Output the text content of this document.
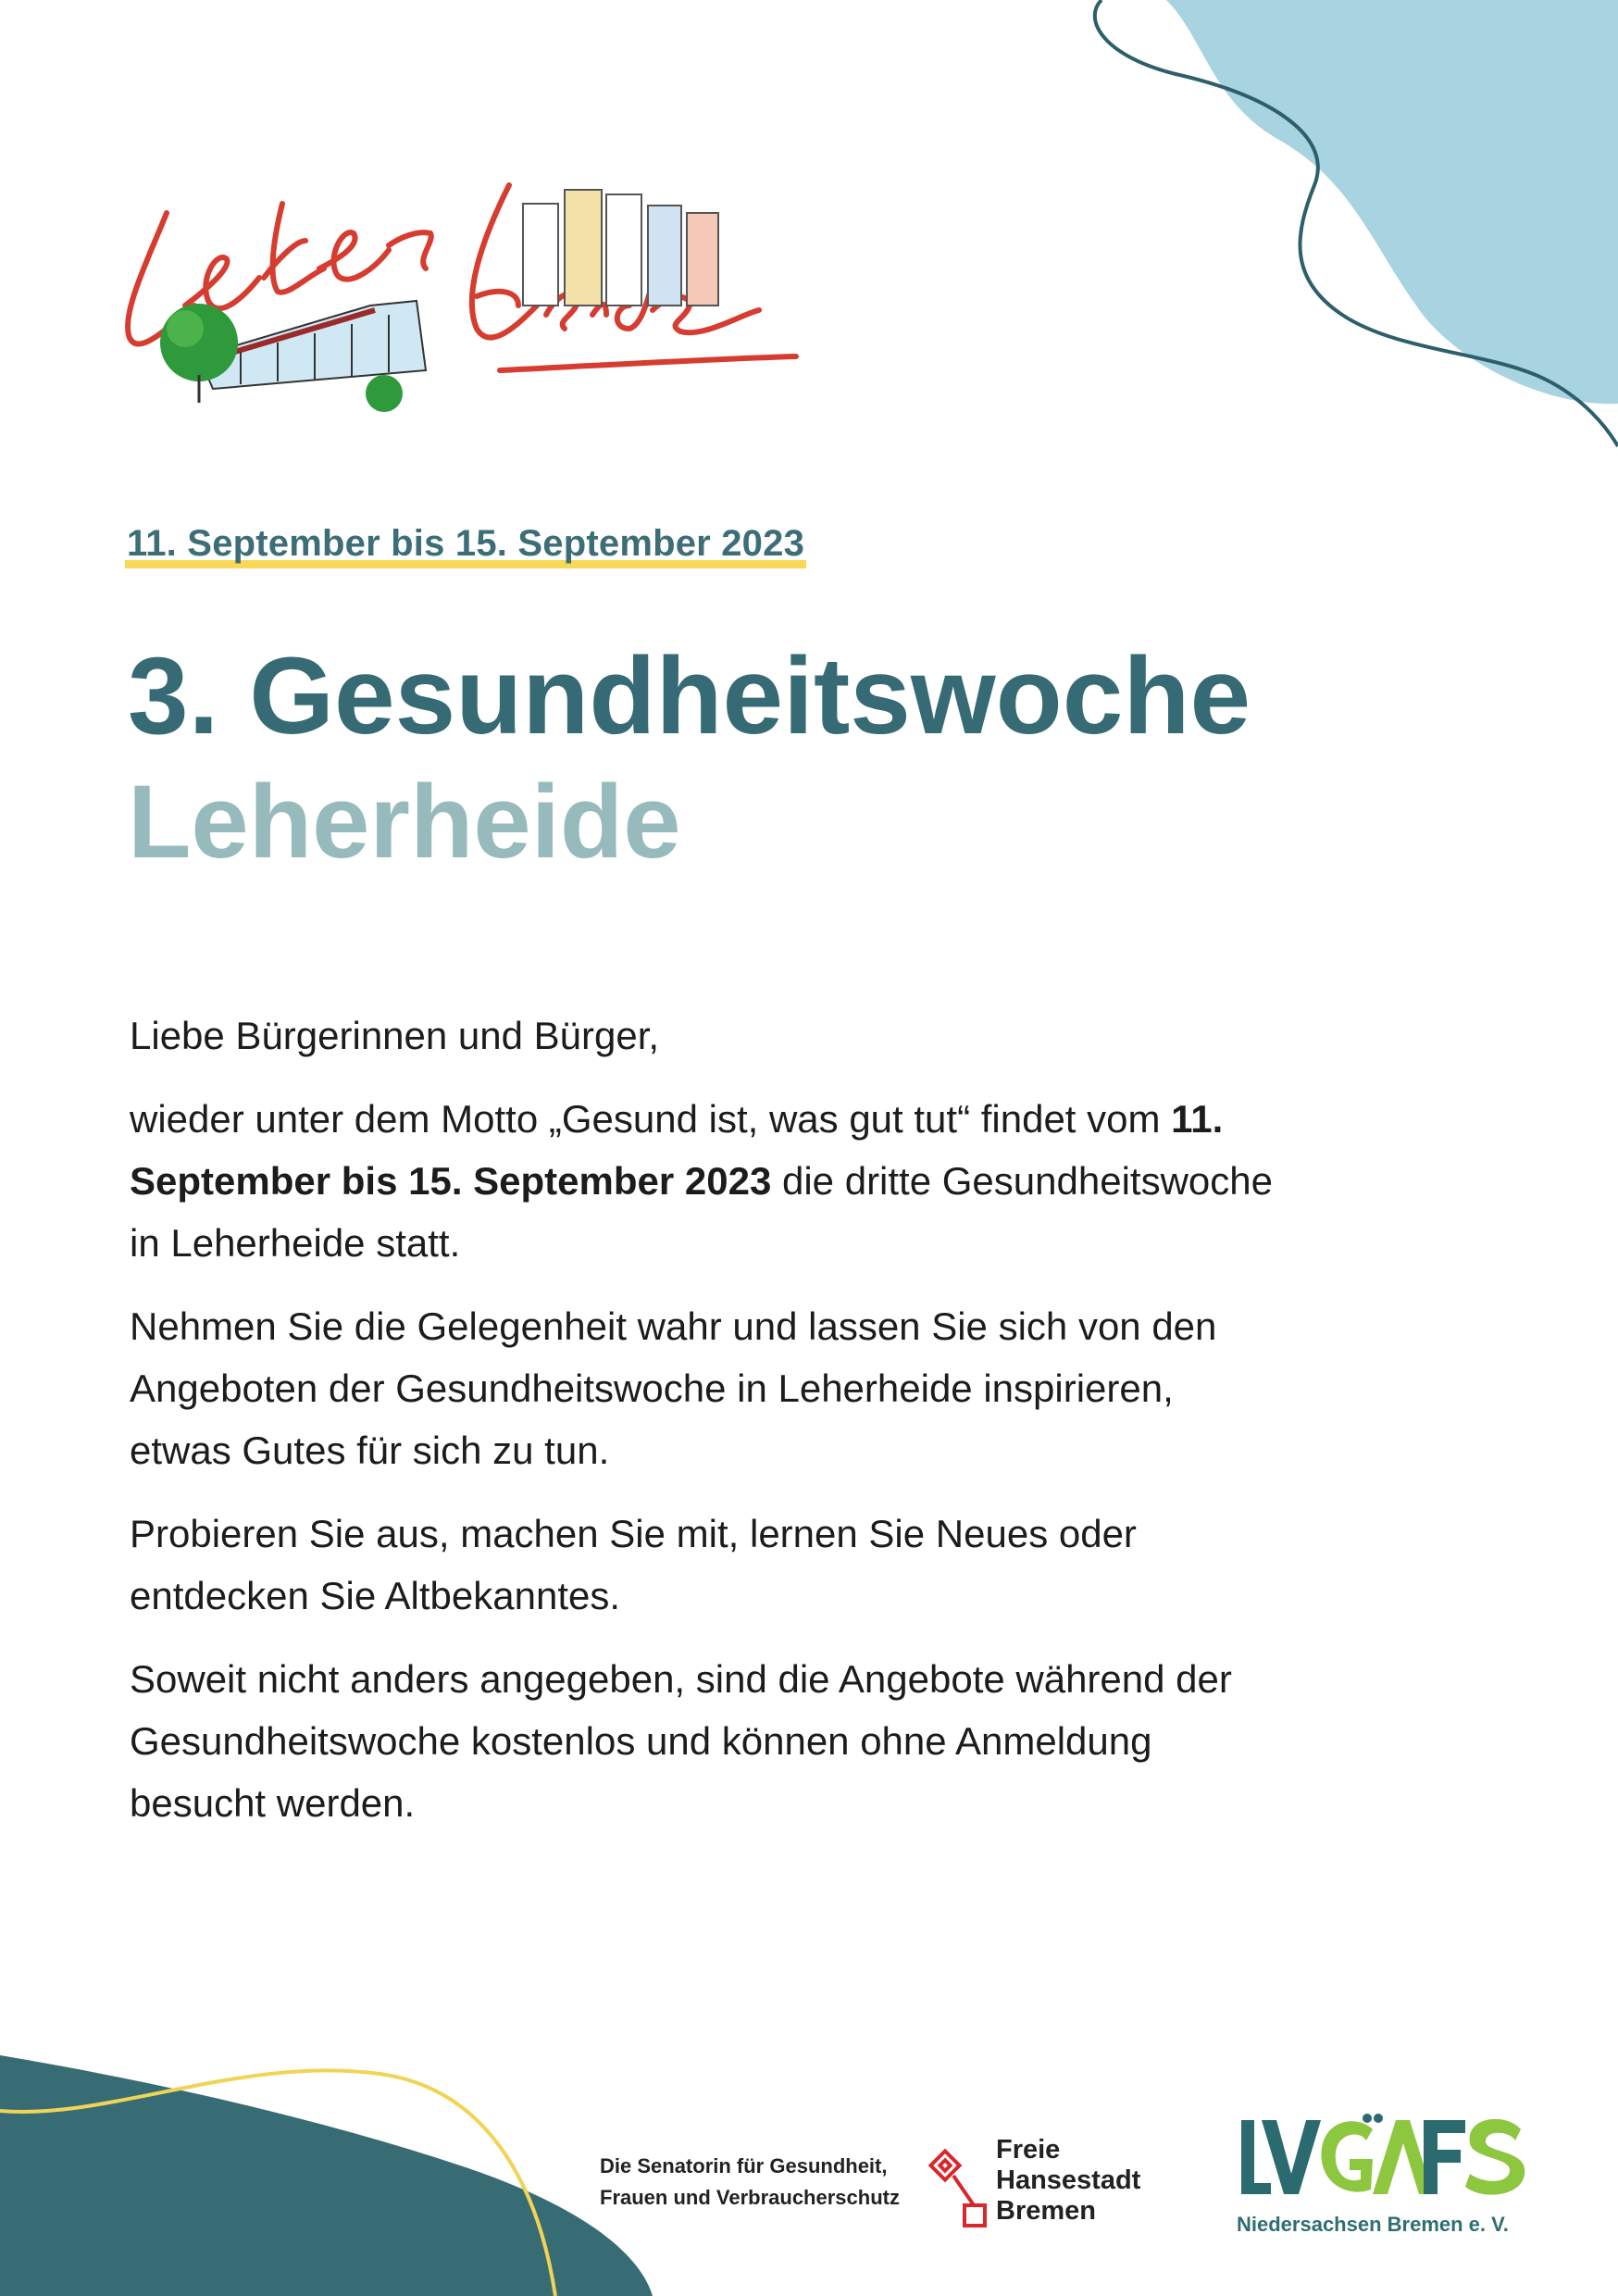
11. September bis 15. September 2023
3. Gesundheitswoche
Leherheide

Liebe Bürgerinnen und Bürger,

wieder unter dem Motto „Gesund ist, was gut tut“ findet vom 11. September bis 15. September 2023 die dritte Gesundheitswoche in Leherheide statt.

Nehmen Sie die Gelegenheit wahr und lassen Sie sich von den Angeboten der Gesundheitswoche in Leherheide inspirieren, etwas Gutes für sich zu tun.

Probieren Sie aus, machen Sie mit, lernen Sie Neues oder entdecken Sie Altbekanntes.

Soweit nicht anders angegeben, sind die Angebote während der Gesundheitswoche kostenlos und können ohne Anmeldung besucht werden.

Die Senatorin für Gesundheit,
Frauen und Verbraucherschutz
Freie
Hansestadt
Bremen	Niedersachsen Bremen e. V.
